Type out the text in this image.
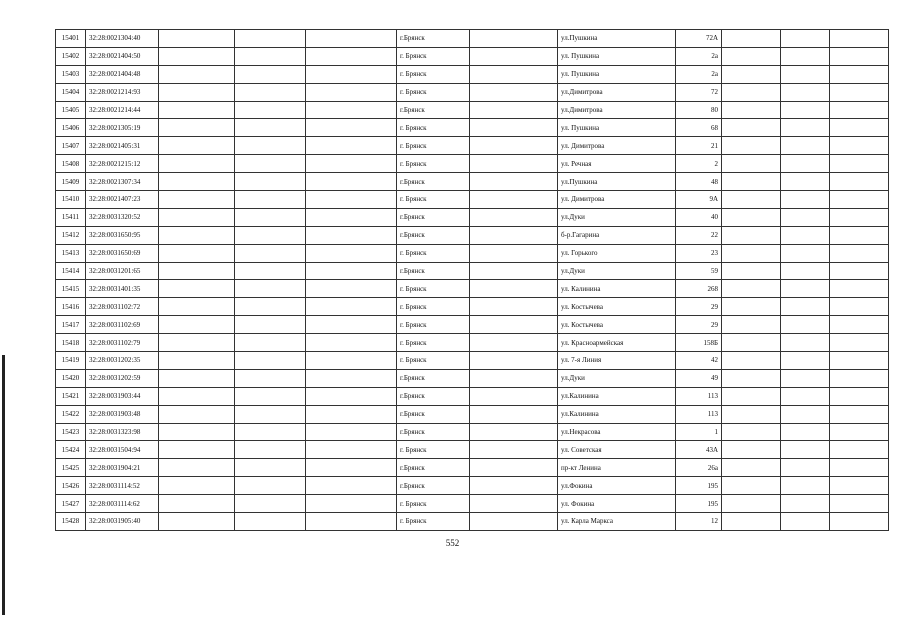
15401	32:28:0021304:40				г.Брянск		ул.Пушкина	72А			
15402	32:28:0021404:50				г. Брянск		ул. Пушкина	2а			
15403	32:28:0021404:48				г. Брянск		ул. Пушкина	2а			
15404	32:28:0021214:93				г. Брянск		ул.Димитрова	72			
15405	32:28:0021214:44				г.Брянск		ул.Димитрова	80			
15406	32:28:0021305:19				г. Брянск		ул. Пушкина	68			
15407	32:28:0021405:31				г. Брянск		ул. Димитрова	21			
15408	32:28:0021215:12				г. Брянск		ул. Речная	2			
15409	32:28:0021307:34				г.Брянск		ул.Пушкина	48			
15410	32:28:0021407:23				г. Брянск		ул. Димитрова	9А			
15411	32:28:0031320:52				г.Брянск		ул.Дуки	40			
15412	32:28:0031650:95				г.Брянск		б-р.Гагарина	22			
15413	32:28:0031650:69				г. Брянск		ул. Горького	23			
15414	32:28:0031201:65				г.Брянск		ул.Дуки	59			
15415	32:28:0031401:35				г. Брянск		ул. Калинина	268			
15416	32:28:0031102:72				г. Брянск		ул. Костычева	29			
15417	32:28:0031102:69				г. Брянск		ул. Костычева	29			
15418	32:28:0031102:79				г. Брянск		ул. Красноармейская	158Б			
15419	32:28:0031202:35				г. Брянск		ул. 7-я Линия	42			
15420	32:28:0031202:59				г.Брянск		ул.Дуки	49			
15421	32:28:0031903:44				г.Брянск		ул.Калинина	113			
15422	32:28:0031903:48				г.Брянск		ул.Калинина	113			
15423	32:28:0031323:98				г.Брянск		ул.Некрасова	1			
15424	32:28:0031504:94				г. Брянск		ул. Советская	43А			
15425	32:28:0031904:21				г.Брянск		пр-кт Ленина	26а			
15426	32:28:0031114:52				г.Брянск		ул.Фокина	195			
15427	32:28:0031114:62				г. Брянск		ул. Фокина	195			
15428	32:28:0031905:40				г. Брянск		ул. Карла Маркса	12			
552
